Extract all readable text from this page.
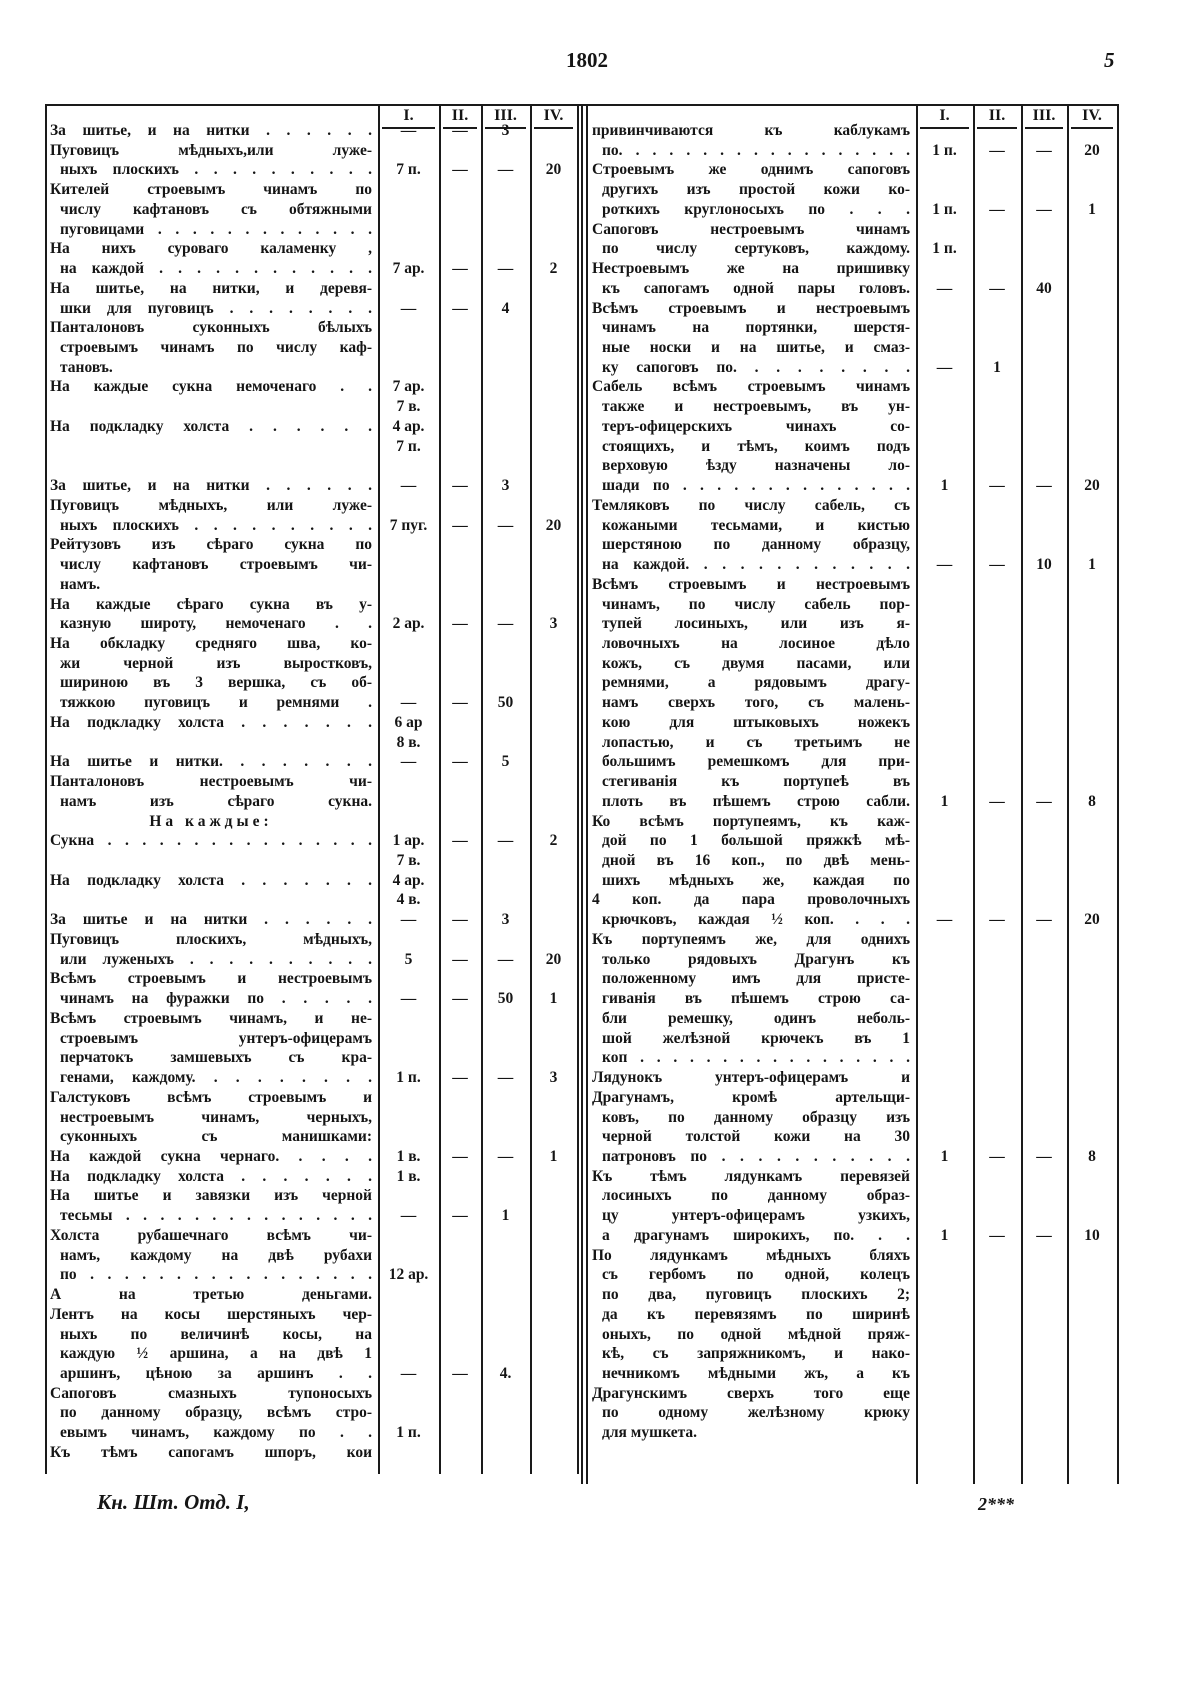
1802	5
I.	II.	III.	IV.
За шитье, и на нитки . . . . . .	—	—	3
Пуговицъ мѣдныхъ,или луже-
ныхъ плоскихъ . . . . . . . . . .	7 п.	—	—	20
Кителей строевымъ чинамъ по
числу кафтановъ съ обтяжными
пуговицами . . . . . . . . . . . . .
На нихъ суроваго каламенку ,
на каждой . . . . . . . . . . . .	7 ар.	—	—	2
На шитье, на нитки, и деревя-
шки для пуговицъ . . . . . . . .	—	—	4
Панталоновъ суконныхъ бѣлыхъ
строевымъ чинамъ по числу каф-
тановъ.
На каждые сукна немоченаго . .	7 ар.
7 в.
На подкладку холста . . . . . .	4 ар.
7 п.
За шитье, и на нитки . . . . . .	—	—	3
Пуговицъ мѣдныхъ, или луже-
ныхъ плоскихъ . . . . . . . . . .	7 пуг.	—	—	20
Рейтузовъ изъ сѣраго сукна по
числу кафтановъ строевымъ чи-
намъ.
На каждые сѣраго сукна въ у-
казную широту, немоченаго . .	2 ар.	—	—	3
На обкладку средняго шва, ко-
жи черной изъ выростковъ,
шириною въ 3 вершка, съ об-
тяжкою пуговицъ и ремнями .	—	—	50
На подкладку холста . . . . . . .	6 ар
8 в.
На шитье и нитки. . . . . . . .	—	—	5
Панталоновъ нестроевымъ чи-
намъ изъ сѣраго сукна.
На каждые:
Сукна . . . . . . . . . . . . . . . .	1 ар.	—	—	2
7 в.
На подкладку холста . . . . . . .	4 ар.
4 в.
За шитье и на нитки . . . . . .	—	—	3
Пуговицъ плоскихъ, мѣдныхъ,
или луженыхъ . . . . . . . . . .	5	—	—	20
Всѣмъ строевымъ и нестроевымъ
чинамъ на фуражки по . . . . .	—	—	50	1
Всѣмъ строевымъ чинамъ, и не-
строевымъ унтеръ-офицерамъ
перчатокъ замшевыхъ съ кра-
генами, каждому. . . . . . . . .	1 п.	—	—	3
Галстуковъ всѣмъ строевымъ и
нестроевымъ чинамъ, черныхъ,
суконныхъ съ манишками:
На каждой сукна чернаго. . . . .	1 в.	—	—	1
На подкладку холста . . . . . . .	1 в.
На шитье и завязки изъ черной
тесьмы . . . . . . . . . . . . . . .	—	—	1
Холста рубашечнаго всѣмъ чи-
намъ, каждому на двѣ рубахи
по . . . . . . . . . . . . . . . . .	12 ар.
А на третью деньгами.
Лентъ на косы шерстяныхъ чер-
ныхъ по величинѣ косы, на
каждую ½ аршина, а на двѣ 1
аршинъ, цѣною за аршинъ . .	—	—	4.
Сапоговъ смазныхъ тупоносыхъ
по данному образцу, всѣмъ стро-
евымъ чинамъ, каждому по . .	1 п.
Къ тѣмъ сапогамъ шпоръ, кои
I.	II.	III.	IV.
привинчиваются къ каблукамъ
по. . . . . . . . . . . . . . . . . .	1 п.	—	—	20
Строевымъ же однимъ сапоговъ
другихъ изъ простой кожи ко-
роткихъ круглоносыхъ по . . .	1 п.	—	—	1
Сапоговъ нестроевымъ чинамъ
по числу сертуковъ, каждому.	1 п.
Нестроевымъ же на пришивку
къ сапогамъ одной пары головъ.	—	—	40
Всѣмъ строевымъ и нестроевымъ
чинамъ на портянки, шерстя-
ные носки и на шитье, и смаз-
ку сапоговъ по. . . . . . . . .	—	1
Сабель всѣмъ строевымъ чинамъ
также и нестроевымъ, въ ун-
теръ-офицерскихъ чинахъ со-
стоящихъ, и тѣмъ, коимъ подъ
верховую ѣзду назначены ло-
шади по . . . . . . . . . . . . . .	1	—	—	20
Темляковъ по числу сабель, съ
кожаными тесьмами, и кистью
шерстяною по данному образцу,
на каждой. . . . . . . . . . . . .	—	—	10	1
Всѣмъ строевымъ и нестроевымъ
чинамъ, по числу сабель пор-
тупей лосиныхъ, или изъ я-
ловочныхъ на лосиное дѣло
кожъ, съ двумя пасами, или
ремнями, а рядовымъ драгу-
намъ сверхъ того, съ малень-
кою для штыковыхъ ножекъ
лопастью, и съ третьимъ не
большимъ ремешкомъ для при-
стегиванія къ портупеѣ въ
плоть въ пѣшемъ строю сабли.	1	—	—	8
Ко всѣмъ портупеямъ, къ каж-
дой по 1 большой пряжкѣ мѣ-
дной въ 16 коп., по двѣ мень-
шихъ мѣдныхъ же, каждая по
4 коп. да пара проволочныхъ
крючковъ, каждая ½ коп. . . .	—	—	—	20
Къ портупеямъ же, для однихъ
только рядовыхъ Драгунъ къ
положенному имъ для присте-
гиванія въ пѣшемъ строю са-
бли ремешку, одинъ неболь-
шой желѣзной крючекъ въ 1
коп . . . . . . . . . . . . . . . . .
Лядунокъ унтеръ-офицерамъ и
Драгунамъ, кромѣ артельщи-
ковъ, по данному образцу изъ
черной толстой кожи на 30
патроновъ по . . . . . . . . . . .	1	—	—	8
Къ тѣмъ лядункамъ перевязей
лосиныхъ по данному образ-
цу унтеръ-офицерамъ узкихъ,
а драгунамъ широкихъ, по. . .	1	—	—	10
По лядункамъ мѣдныхъ бляхъ
съ гербомъ по одной, колецъ
по два, пуговицъ плоскихъ 2;
да къ перевязямъ по ширинѣ
оныхъ, по одной мѣдной пряж-
кѣ, съ запряжникомъ, и нако-
нечникомъ мѣдными жъ, а къ
Драгунскимъ сверхъ того еще
по одному желѣзному крюку
для мушкета.
Кн. Шт. Отд. I,	2***
